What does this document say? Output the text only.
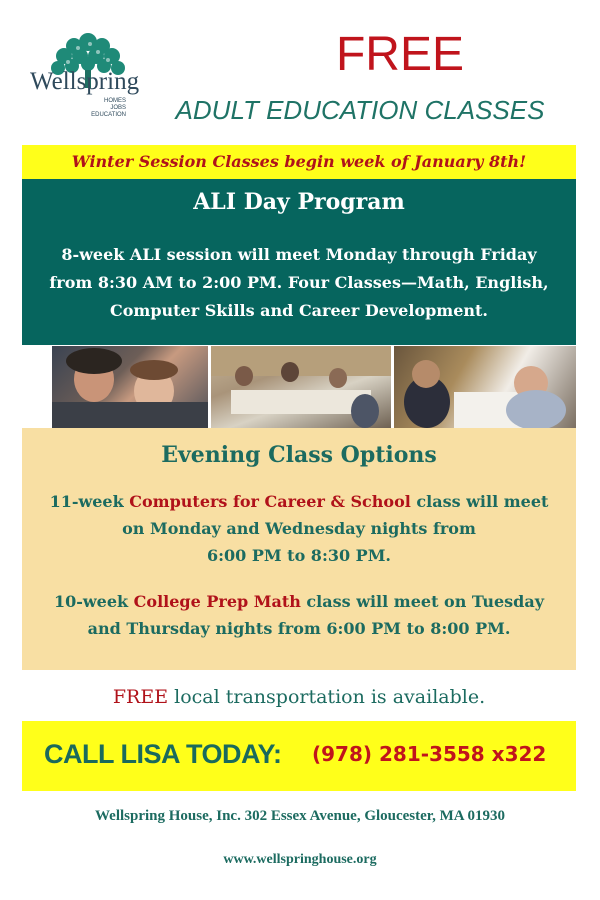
Wellspring
HOMES
JOBS
EDUCATION
FREE
ADULT EDUCATION CLASSES
Winter Session Classes begin week of January 8th!
ALI Day Program
8-week ALI session will meet Monday through Friday
from 8:30 AM to 2:00 PM. Four Classes—Math, English,
Computer Skills and Career Development.
Evening Class Options
11-week Computers for Career & School class will meet
on Monday and Wednesday nights from
6:00 PM to 8:30 PM.
10-week College Prep Math class will meet on Tuesday
and Thursday nights from 6:00 PM to 8:00 PM.
FREE local transportation is available.
CALL LISA TODAY: (978) 281-3558 x322
Wellspring House, Inc. 302 Essex Avenue, Gloucester, MA 01930
www.wellspringhouse.org
